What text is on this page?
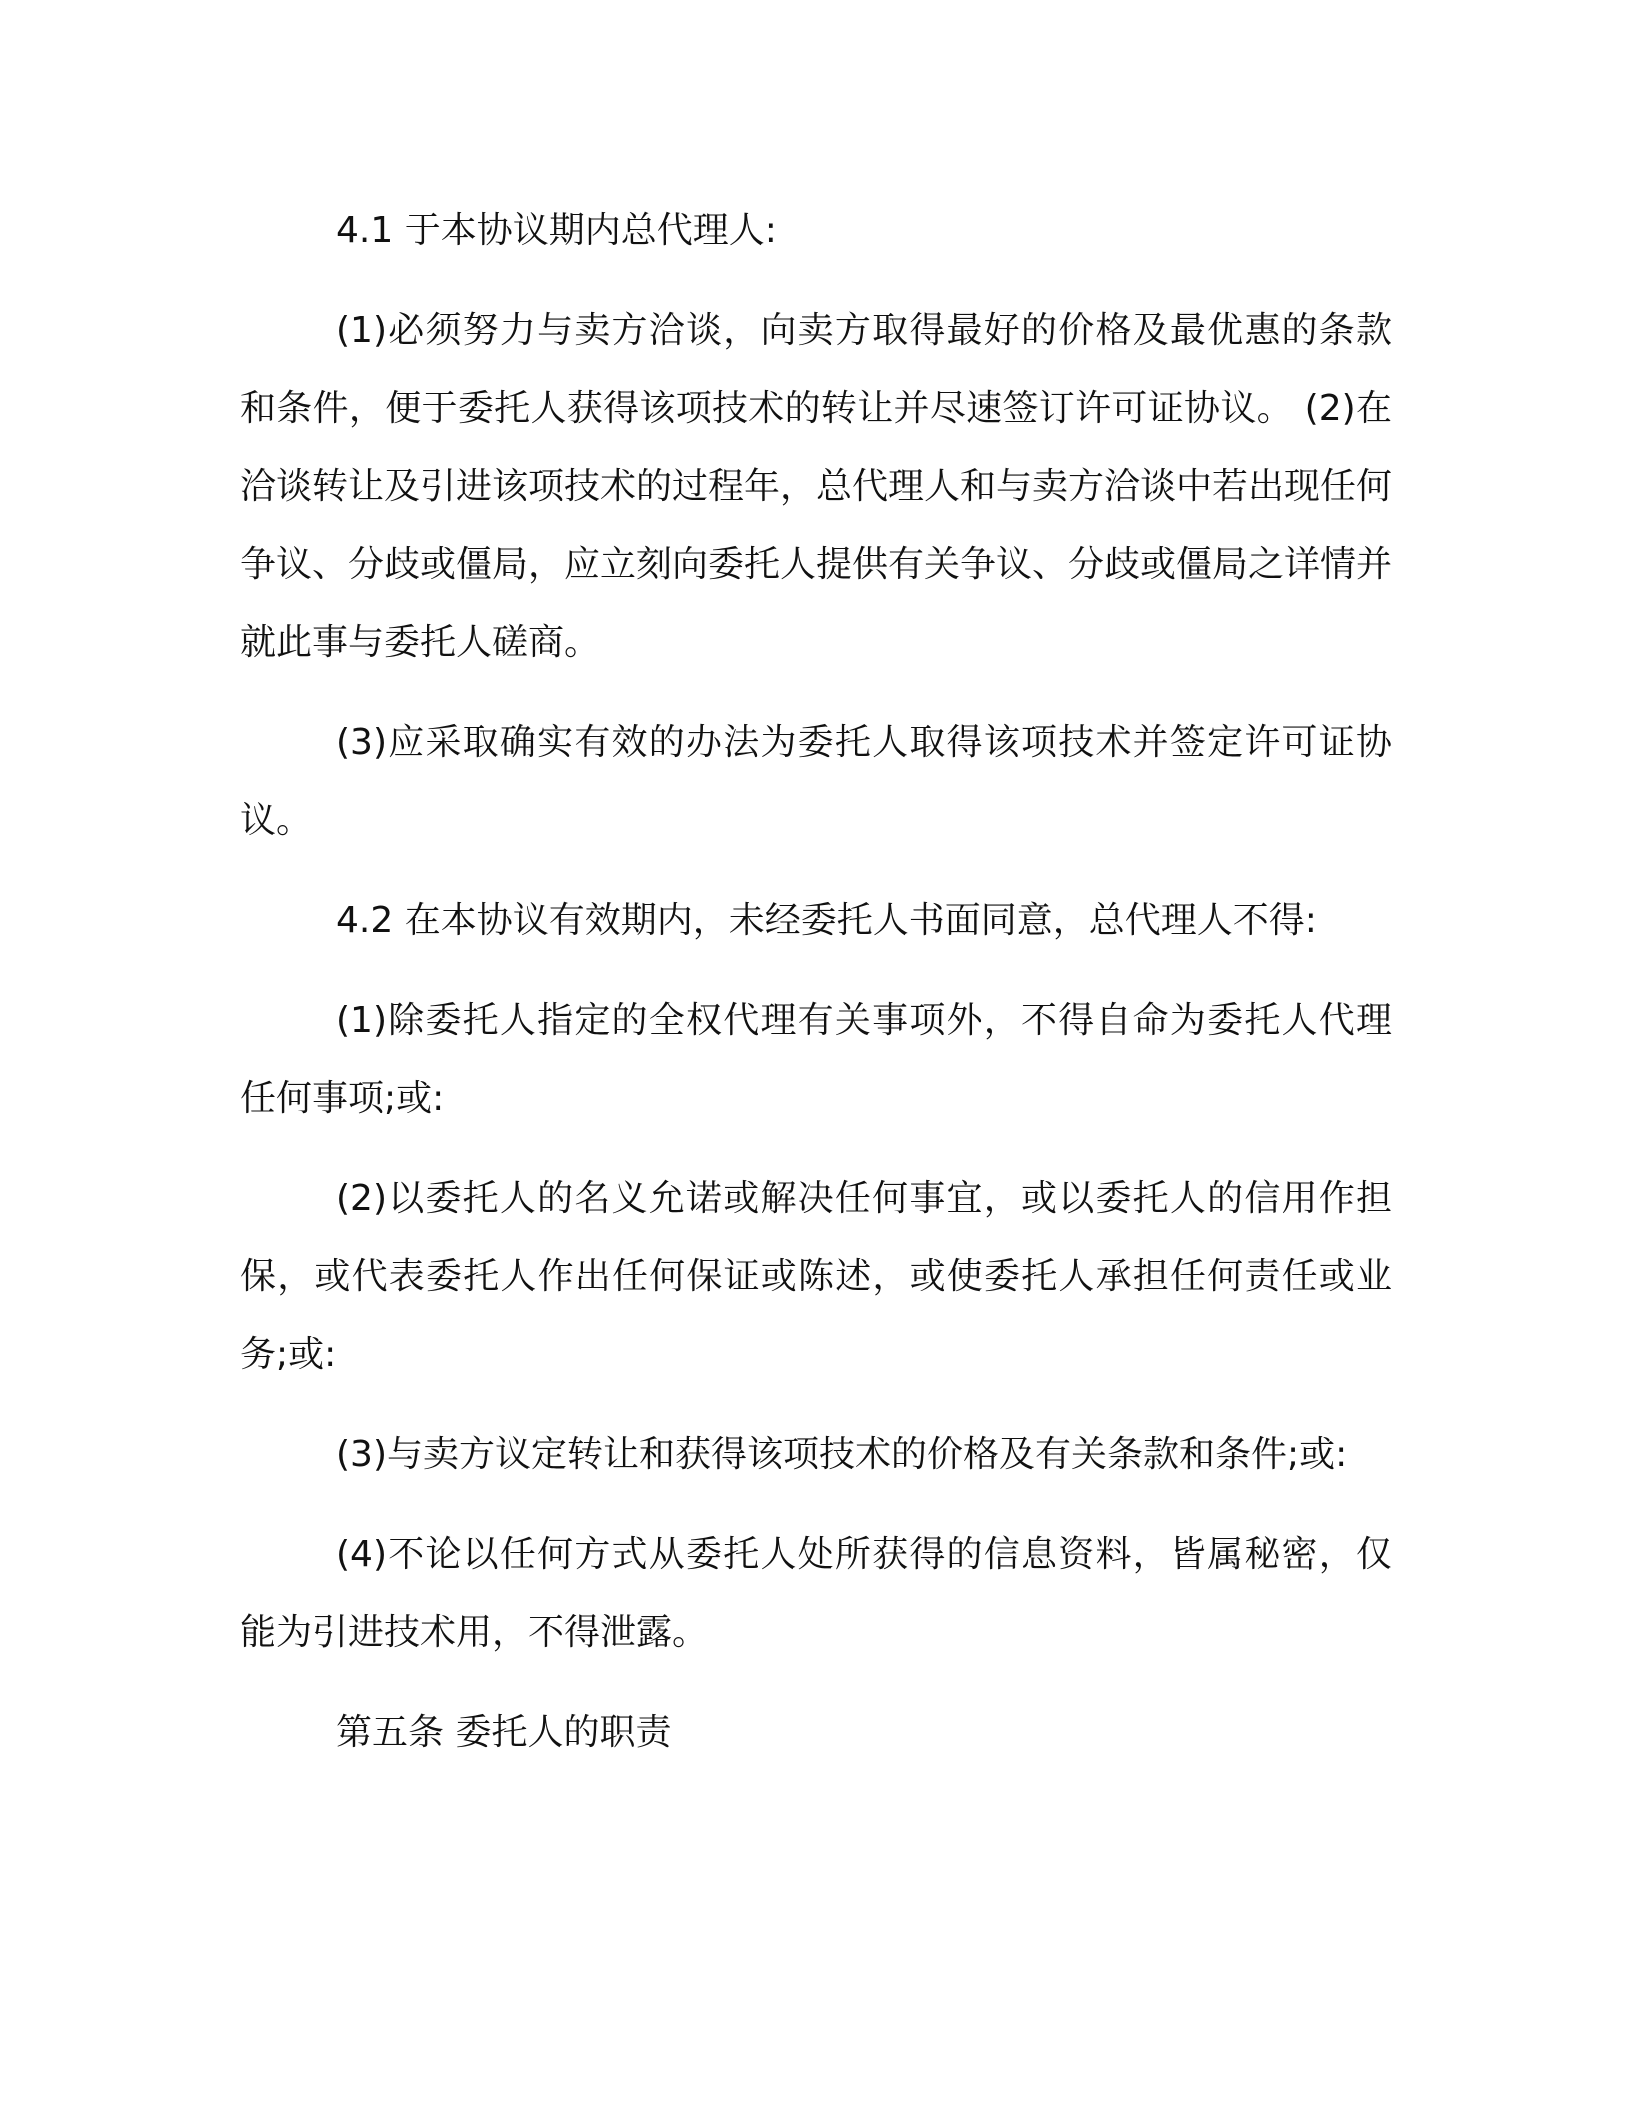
4.1 于本协议期内总代理人:

(1)必须努力与卖方洽谈，向卖方取得最好的价格及最优惠的条款和条件，便于委托人获得该项技术的转让并尽速签订许可证协议。 (2)在洽谈转让及引进该项技术的过程年，总代理人和与卖方洽谈中若出现任何争议、分歧或僵局，应立刻向委托人提供有关争议、分歧或僵局之详情并就此事与委托人磋商。

(3)应采取确实有效的办法为委托人取得该项技术并签定许可证协议。

4.2 在本协议有效期内，未经委托人书面同意，总代理人不得:

(1)除委托人指定的全权代理有关事项外，不得自命为委托人代理任何事项;或:

(2)以委托人的名义允诺或解决任何事宜，或以委托人的信用作担保，或代表委托人作出任何保证或陈述，或使委托人承担任何责任或业务;或:

(3)与卖方议定转让和获得该项技术的价格及有关条款和条件;或:

(4)不论以任何方式从委托人处所获得的信息资料，皆属秘密，仅能为引进技术用，不得泄露。

第五条 委托人的职责
